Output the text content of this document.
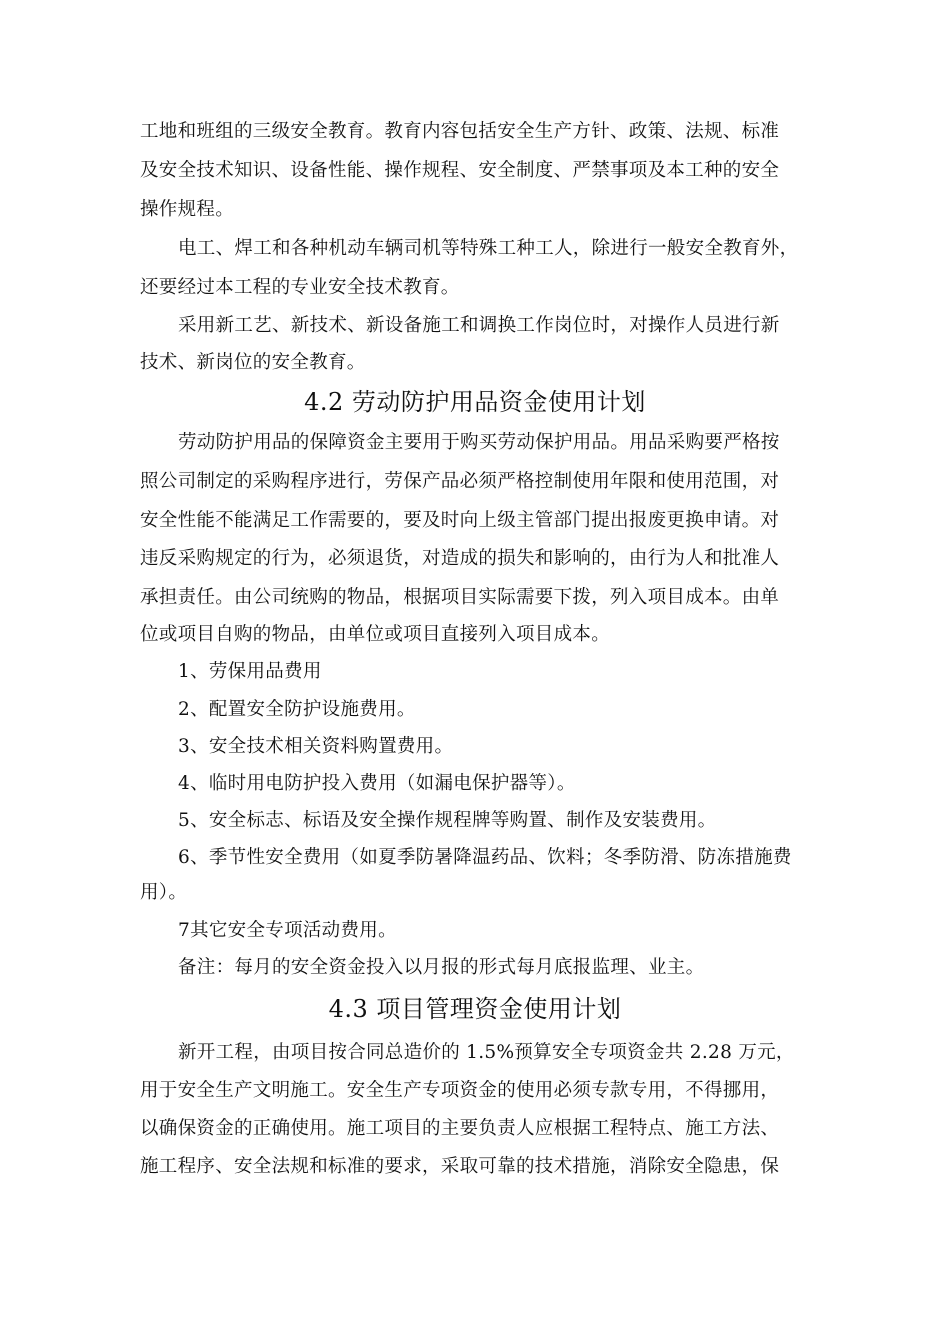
工地和班组的三级安全教育。教育内容包括安全生产方针、政策、法规、标准
及安全技术知识、设备性能、操作规程、安全制度、严禁事项及本工种的安全
操作规程。
电工、焊工和各种机动车辆司机等特殊工种工人，除进行一般安全教育外，
还要经过本工程的专业安全技术教育。
采用新工艺、新技术、新设备施工和调换工作岗位时，对操作人员进行新
技术、新岗位的安全教育。
4.2 劳动防护用品资金使用计划
劳动防护用品的保障资金主要用于购买劳动保护用品。用品采购要严格按
照公司制定的采购程序进行，劳保产品必须严格控制使用年限和使用范围，对
安全性能不能满足工作需要的，要及时向上级主管部门提出报废更换申请。对
违反采购规定的行为，必须退货，对造成的损失和影响的，由行为人和批准人
承担责任。由公司统购的物品，根据项目实际需要下拨，列入项目成本。由单
位或项目自购的物品，由单位或项目直接列入项目成本。
1、劳保用品费用
2、配置安全防护设施费用。
3、安全技术相关资料购置费用。
4、临时用电防护投入费用（如漏电保护器等）。
5、安全标志、标语及安全操作规程牌等购置、制作及安装费用。
6、季节性安全费用（如夏季防暑降温药品、饮料；冬季防滑、防冻措施费
用）。
7其它安全专项活动费用。
备注：每月的安全资金投入以月报的形式每月底报监理、业主。
4.3 项目管理资金使用计划
新开工程，由项目按合同总造价的 1.5%预算安全专项资金共 2.28 万元，
用于安全生产文明施工。安全生产专项资金的使用必须专款专用，不得挪用，
以确保资金的正确使用。施工项目的主要负责人应根据工程特点、施工方法、
施工程序、安全法规和标准的要求，采取可靠的技术措施，消除安全隐患，保
